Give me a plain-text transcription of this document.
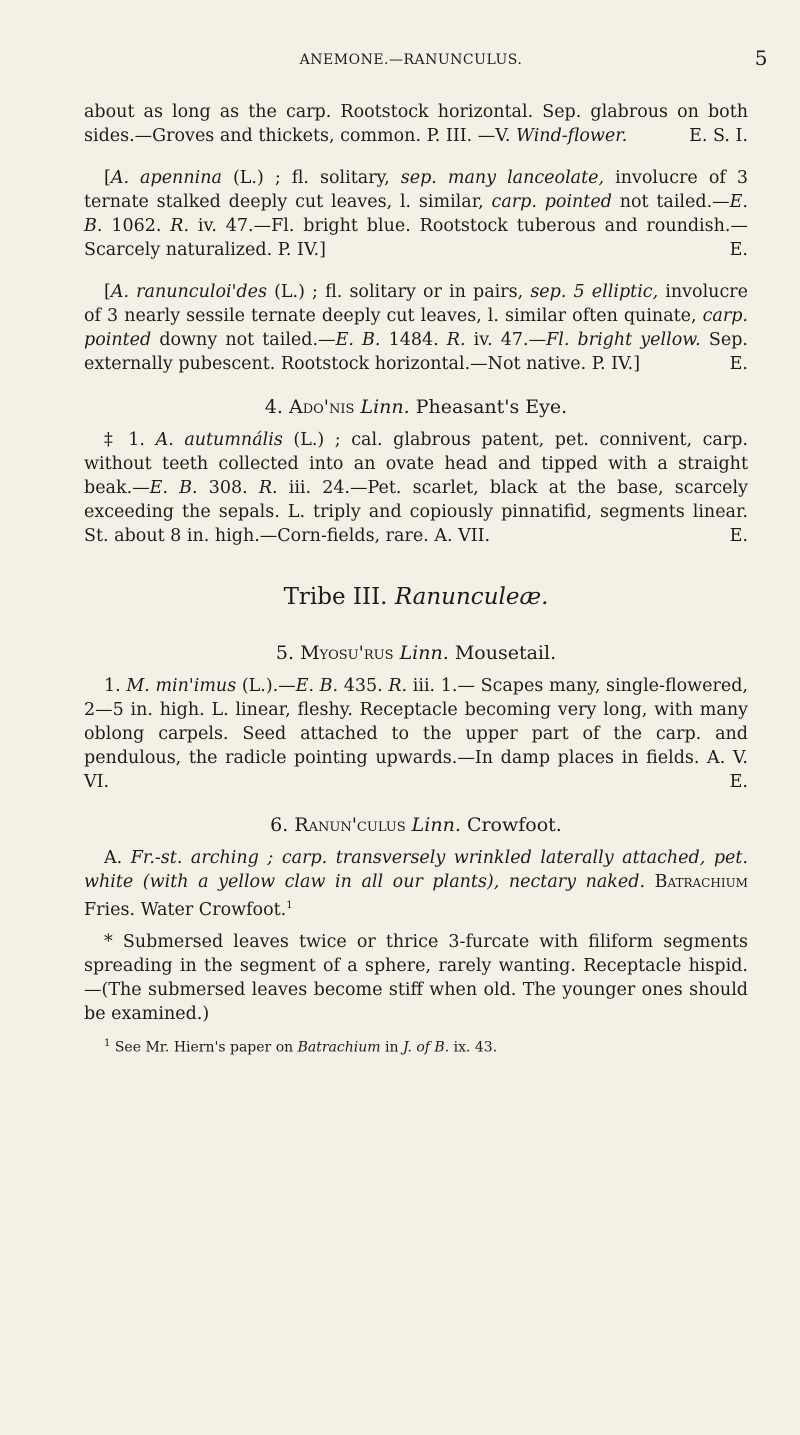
ANEMONE.—RANUNCULUS.	5

about as long as the carp. Rootstock horizontal. Sep. glabrous on both sides.—Groves and thickets, common. P. III. —V. Wind-flower.	E. S. I.

[A. apennina (L.) ; fl. solitary, sep. many lanceolate, involucre of 3 ternate stalked deeply cut leaves, l. similar, carp. pointed not tailed.—E. B. 1062. R. iv. 47.—Fl. bright blue. Rootstock tuberous and roundish.—Scarcely naturalized. P. IV.]	E.

[A. ranunculoi'des (L.) ; fl. solitary or in pairs, sep. 5 elliptic, involucre of 3 nearly sessile ternate deeply cut leaves, l. similar often quinate, carp. pointed downy not tailed.—E. B. 1484. R. iv. 47.—Fl. bright yellow. Sep. externally pubescent. Rootstock horizontal.—Not native. P. IV.]	E.

4. Ado'nis Linn. Pheasant's Eye.

‡ 1. A. autumnális (L.) ; cal. glabrous patent, pet. connivent, carp. without teeth collected into an ovate head and tipped with a straight beak.—E. B. 308. R. iii. 24.—Pet. scarlet, black at the base, scarcely exceeding the sepals. L. triply and copiously pinnatifid, segments linear. St. about 8 in. high.—Corn-fields, rare. A. VII.	E.

Tribe III. Ranunculeæ.
5. Myosu'rus Linn. Mousetail.

1. M. min'imus (L.).—E. B. 435. R. iii. 1.— Scapes many, single-flowered, 2—5 in. high. L. linear, fleshy. Receptacle becoming very long, with many oblong carpels. Seed attached to the upper part of the carp. and pendulous, the radicle pointing upwards.—In damp places in fields. A. V. VI.	E.

6. Ranun'culus Linn. Crowfoot.

A. Fr.-st. arching ; carp. transversely wrinkled laterally attached, pet. white (with a yellow claw in all our plants), nectary naked. Batrachium Fries. Water Crowfoot.$^1$

* Submersed leaves twice or thrice 3-furcate with filiform segments spreading in the segment of a sphere, rarely wanting. Receptacle hispid.—(The submersed leaves become stiff when old. The younger ones should be examined.)

$^1$ See Mr. Hiern's paper on Batrachium in J. of B. ix. 43.
